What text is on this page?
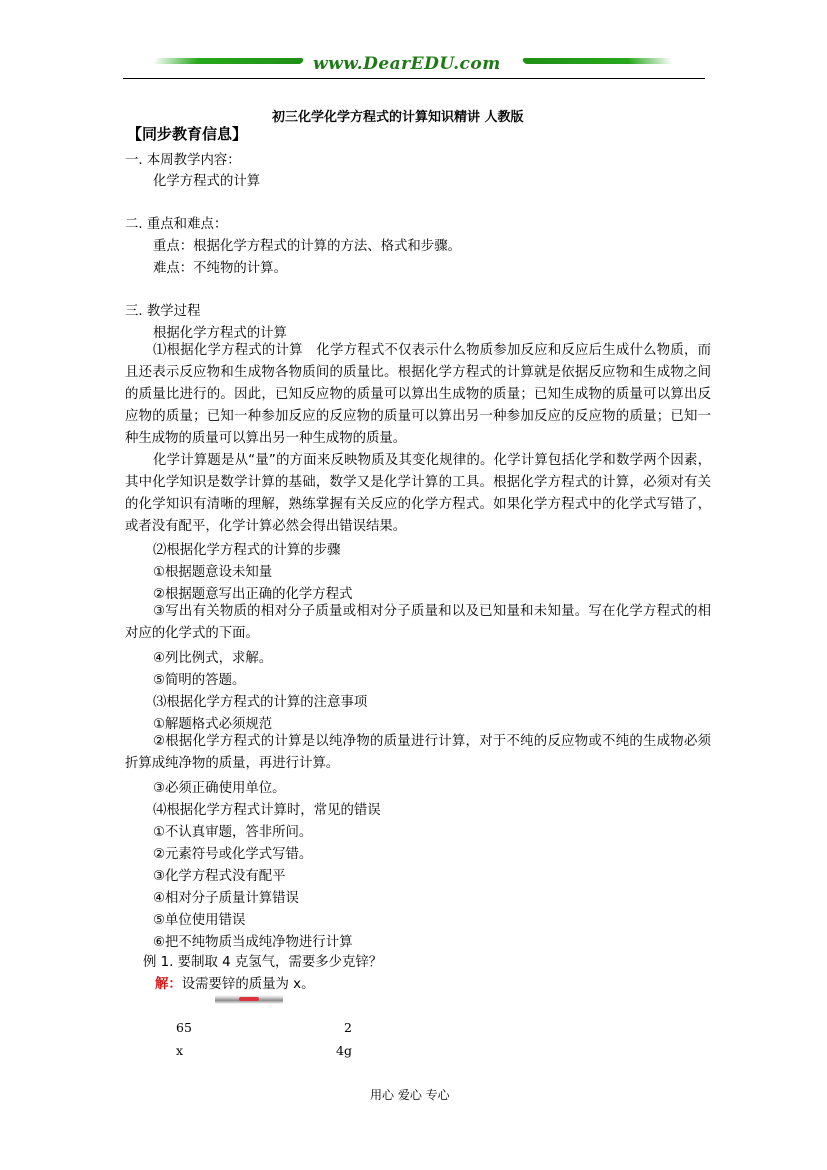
www.DearEDU.com
初三化学化学方程式的计算知识精讲 人教版
【同步教育信息】
一. 本周教学内容：
化学方程式的计算
二. 重点和难点：
重点：根据化学方程式的计算的方法、格式和步骤。
难点：不纯物的计算。
三. 教学过程
根据化学方程式的计算
⑴根据化学方程式的计算　化学方程式不仅表示什么物质参加反应和反应后生成什么物质，而且还表示反应物和生成物各物质间的质量比。根据化学方程式的计算就是依据反应物和生成物之间的质量比进行的。因此，已知反应物的质量可以算出生成物的质量；已知生成物的质量可以算出反应物的质量；已知一种参加反应的反应物的质量可以算出另一种参加反应的反应物的质量；已知一种生成物的质量可以算出另一种生成物的质量。
化学计算题是从“量”的方面来反映物质及其变化规律的。化学计算包括化学和数学两个因素，其中化学知识是数学计算的基础，数学又是化学计算的工具。根据化学方程式的计算，必须对有关的化学知识有清晰的理解，熟练掌握有关反应的化学方程式。如果化学方程式中的化学式写错了，或者没有配平，化学计算必然会得出错误结果。
⑵根据化学方程式的计算的步骤
①根据题意设未知量
②根据题意写出正确的化学方程式
③写出有关物质的相对分子质量或相对分子质量和以及已知量和未知量。写在化学方程式的相对应的化学式的下面。
④列比例式，求解。
⑤简明的答题。
⑶根据化学方程式的计算的注意事项
①解题格式必须规范
②根据化学方程式的计算是以纯净物的质量进行计算，对于不纯的反应物或不纯的生成物必须折算成纯净物的质量，再进行计算。
③必须正确使用单位。
⑷根据化学方程式计算时，常见的错误
①不认真审题，答非所问。
②元素符号或化学式写错。
③化学方程式没有配平
④相对分子质量计算错误
⑤单位使用错误
⑥把不纯物质当成纯净物进行计算
例 1. 要制取 4 克氢气，需要多少克锌？
解：设需要锌的质量为 x。
65	2
x	4g
用心 爱心 专心
